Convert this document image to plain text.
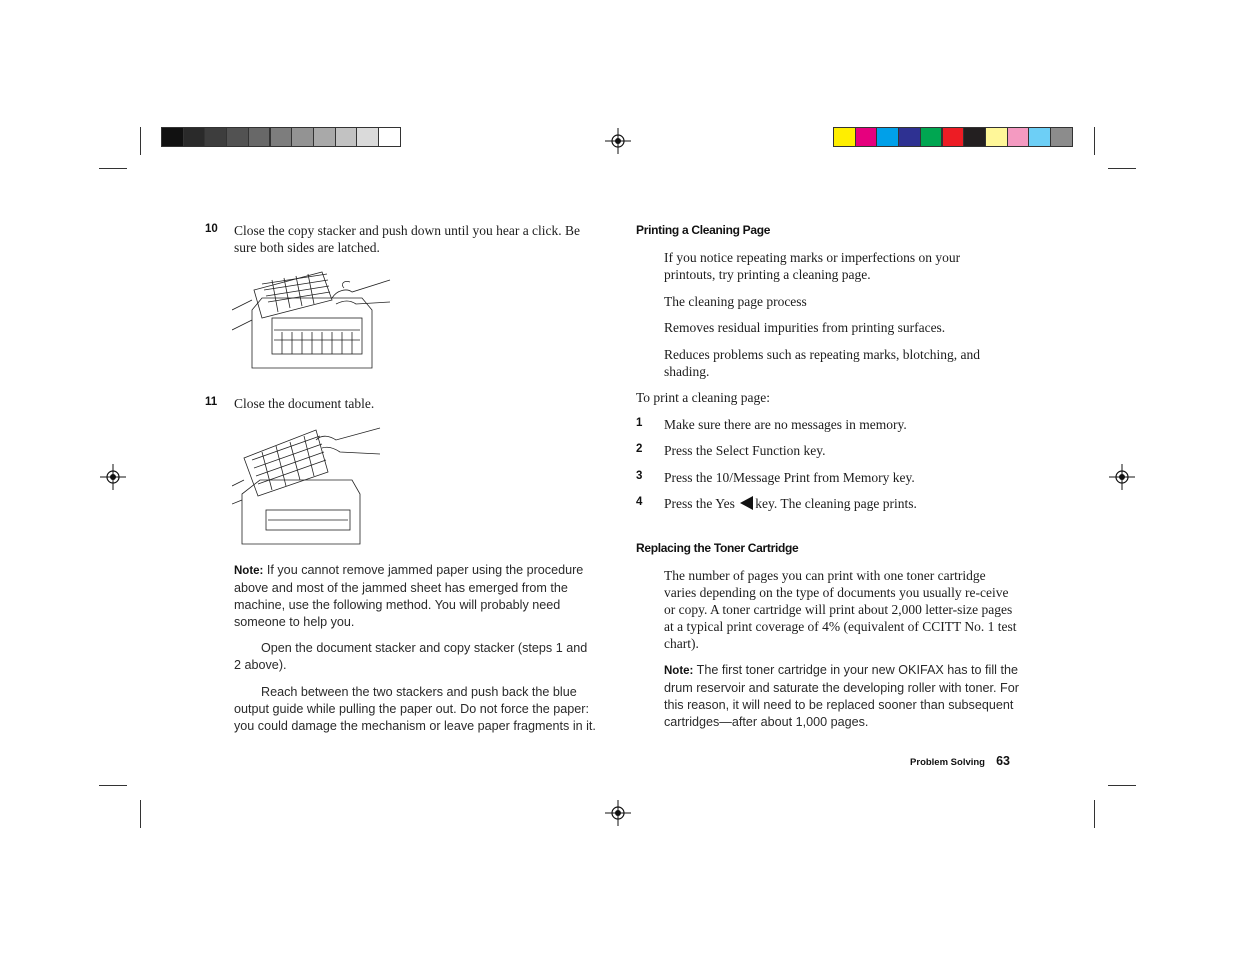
10 Close the copy stacker and push down until you hear a click. Be sure both sides are latched.
11 Close the document table.
Note: If you cannot remove jammed paper using the procedure above and most of the jammed sheet has emerged from the machine, use the following method. You will probably need someone to help you.
Open the document stacker and copy stacker (steps 1 and 2 above).
Reach between the two stackers and push back the blue output guide while pulling the paper out. Do not force the paper: you could damage the mechanism or leave paper fragments in it.
Printing a Cleaning Page
If you notice repeating marks or imperfections on your printouts, try printing a cleaning page.
The cleaning page process
Removes residual impurities from printing surfaces.
Reduces problems such as repeating marks, blotching, and shading.
To print a cleaning page:
1 Make sure there are no messages in memory.
2 Press the Select Function key.
3 Press the 10/Message Print from Memory key.
4 Press the Yes key. The cleaning page prints.
Replacing the Toner Cartridge
The number of pages you can print with one toner cartridge varies depending on the type of documents you usually re-ceive or copy. A toner cartridge will print about 2,000 letter-size pages at a typical print coverage of 4% (equivalent of CCITT No. 1 test chart).
Note: The first toner cartridge in your new OKIFAX has to fill the drum reservoir and saturate the developing roller with toner. For this reason, it will need to be replaced sooner than subsequent cartridges—after about 1,000 pages.
Problem Solving 63
